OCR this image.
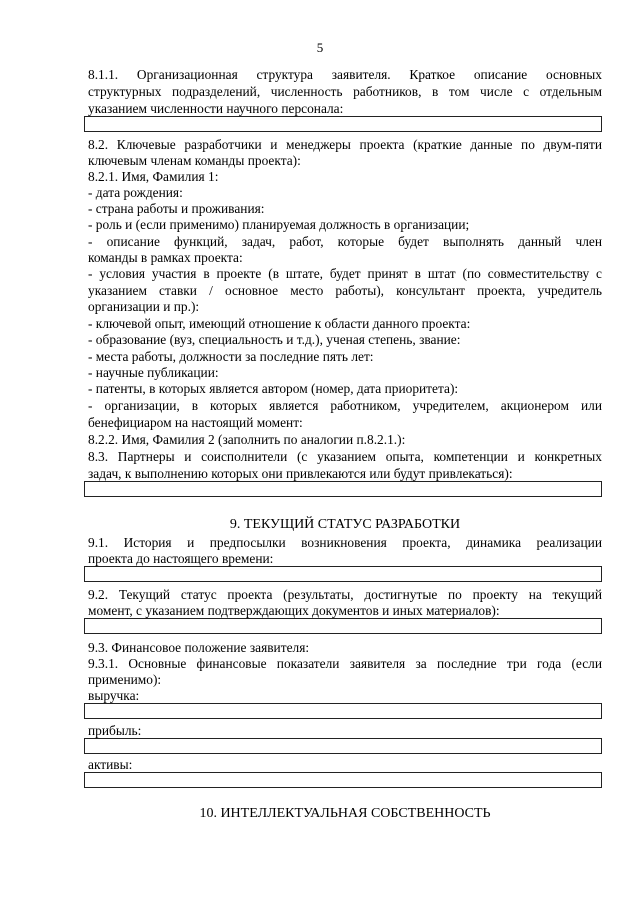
5
8.1.1. Организационная структура заявителя. Краткое описание основных
структурных подразделений, численность работников, в том числе с отдельным
указанием численности научного персонала:
8.2. Ключевые разработчики и менеджеры проекта (краткие данные по двум-пяти
ключевым членам команды проекта):
8.2.1. Имя, Фамилия 1:
- дата рождения:
- страна работы и проживания:
- роль и (если применимо) планируемая должность в организации;
- описание функций, задач, работ, которые будет выполнять данный член
команды в рамках проекта:
- условия участия в проекте (в штате, будет принят в штат (по совместительству с
указанием ставки / основное место работы), консультант проекта, учредитель
организации и пр.):
- ключевой опыт, имеющий отношение к области данного проекта:
- образование (вуз, специальность и т.д.), ученая степень, звание:
- места работы, должности за последние пять лет:
- научные публикации:
- патенты, в которых является автором (номер, дата приоритета):
- организации, в которых является работником, учредителем, акционером или
бенефициаром на настоящий момент:
8.2.2. Имя, Фамилия 2 (заполнить по аналогии п.8.2.1.):
8.3. Партнеры и соисполнители (с указанием опыта, компетенции и конкретных
задач, к выполнению которых они привлекаются или будут привлекаться):
9. ТЕКУЩИЙ СТАТУС РАЗРАБОТКИ
9.1. История и предпосылки возникновения проекта, динамика реализации
проекта до настоящего времени:
9.2. Текущий статус проекта (результаты, достигнутые по проекту на текущий
момент, с указанием подтверждающих документов и иных материалов):
9.3. Финансовое положение заявителя:
9.3.1. Основные финансовые показатели заявителя за последние три года (если
применимо):
выручка:
прибыль:
активы:
10. ИНТЕЛЛЕКТУАЛЬНАЯ СОБСТВЕННОСТЬ
